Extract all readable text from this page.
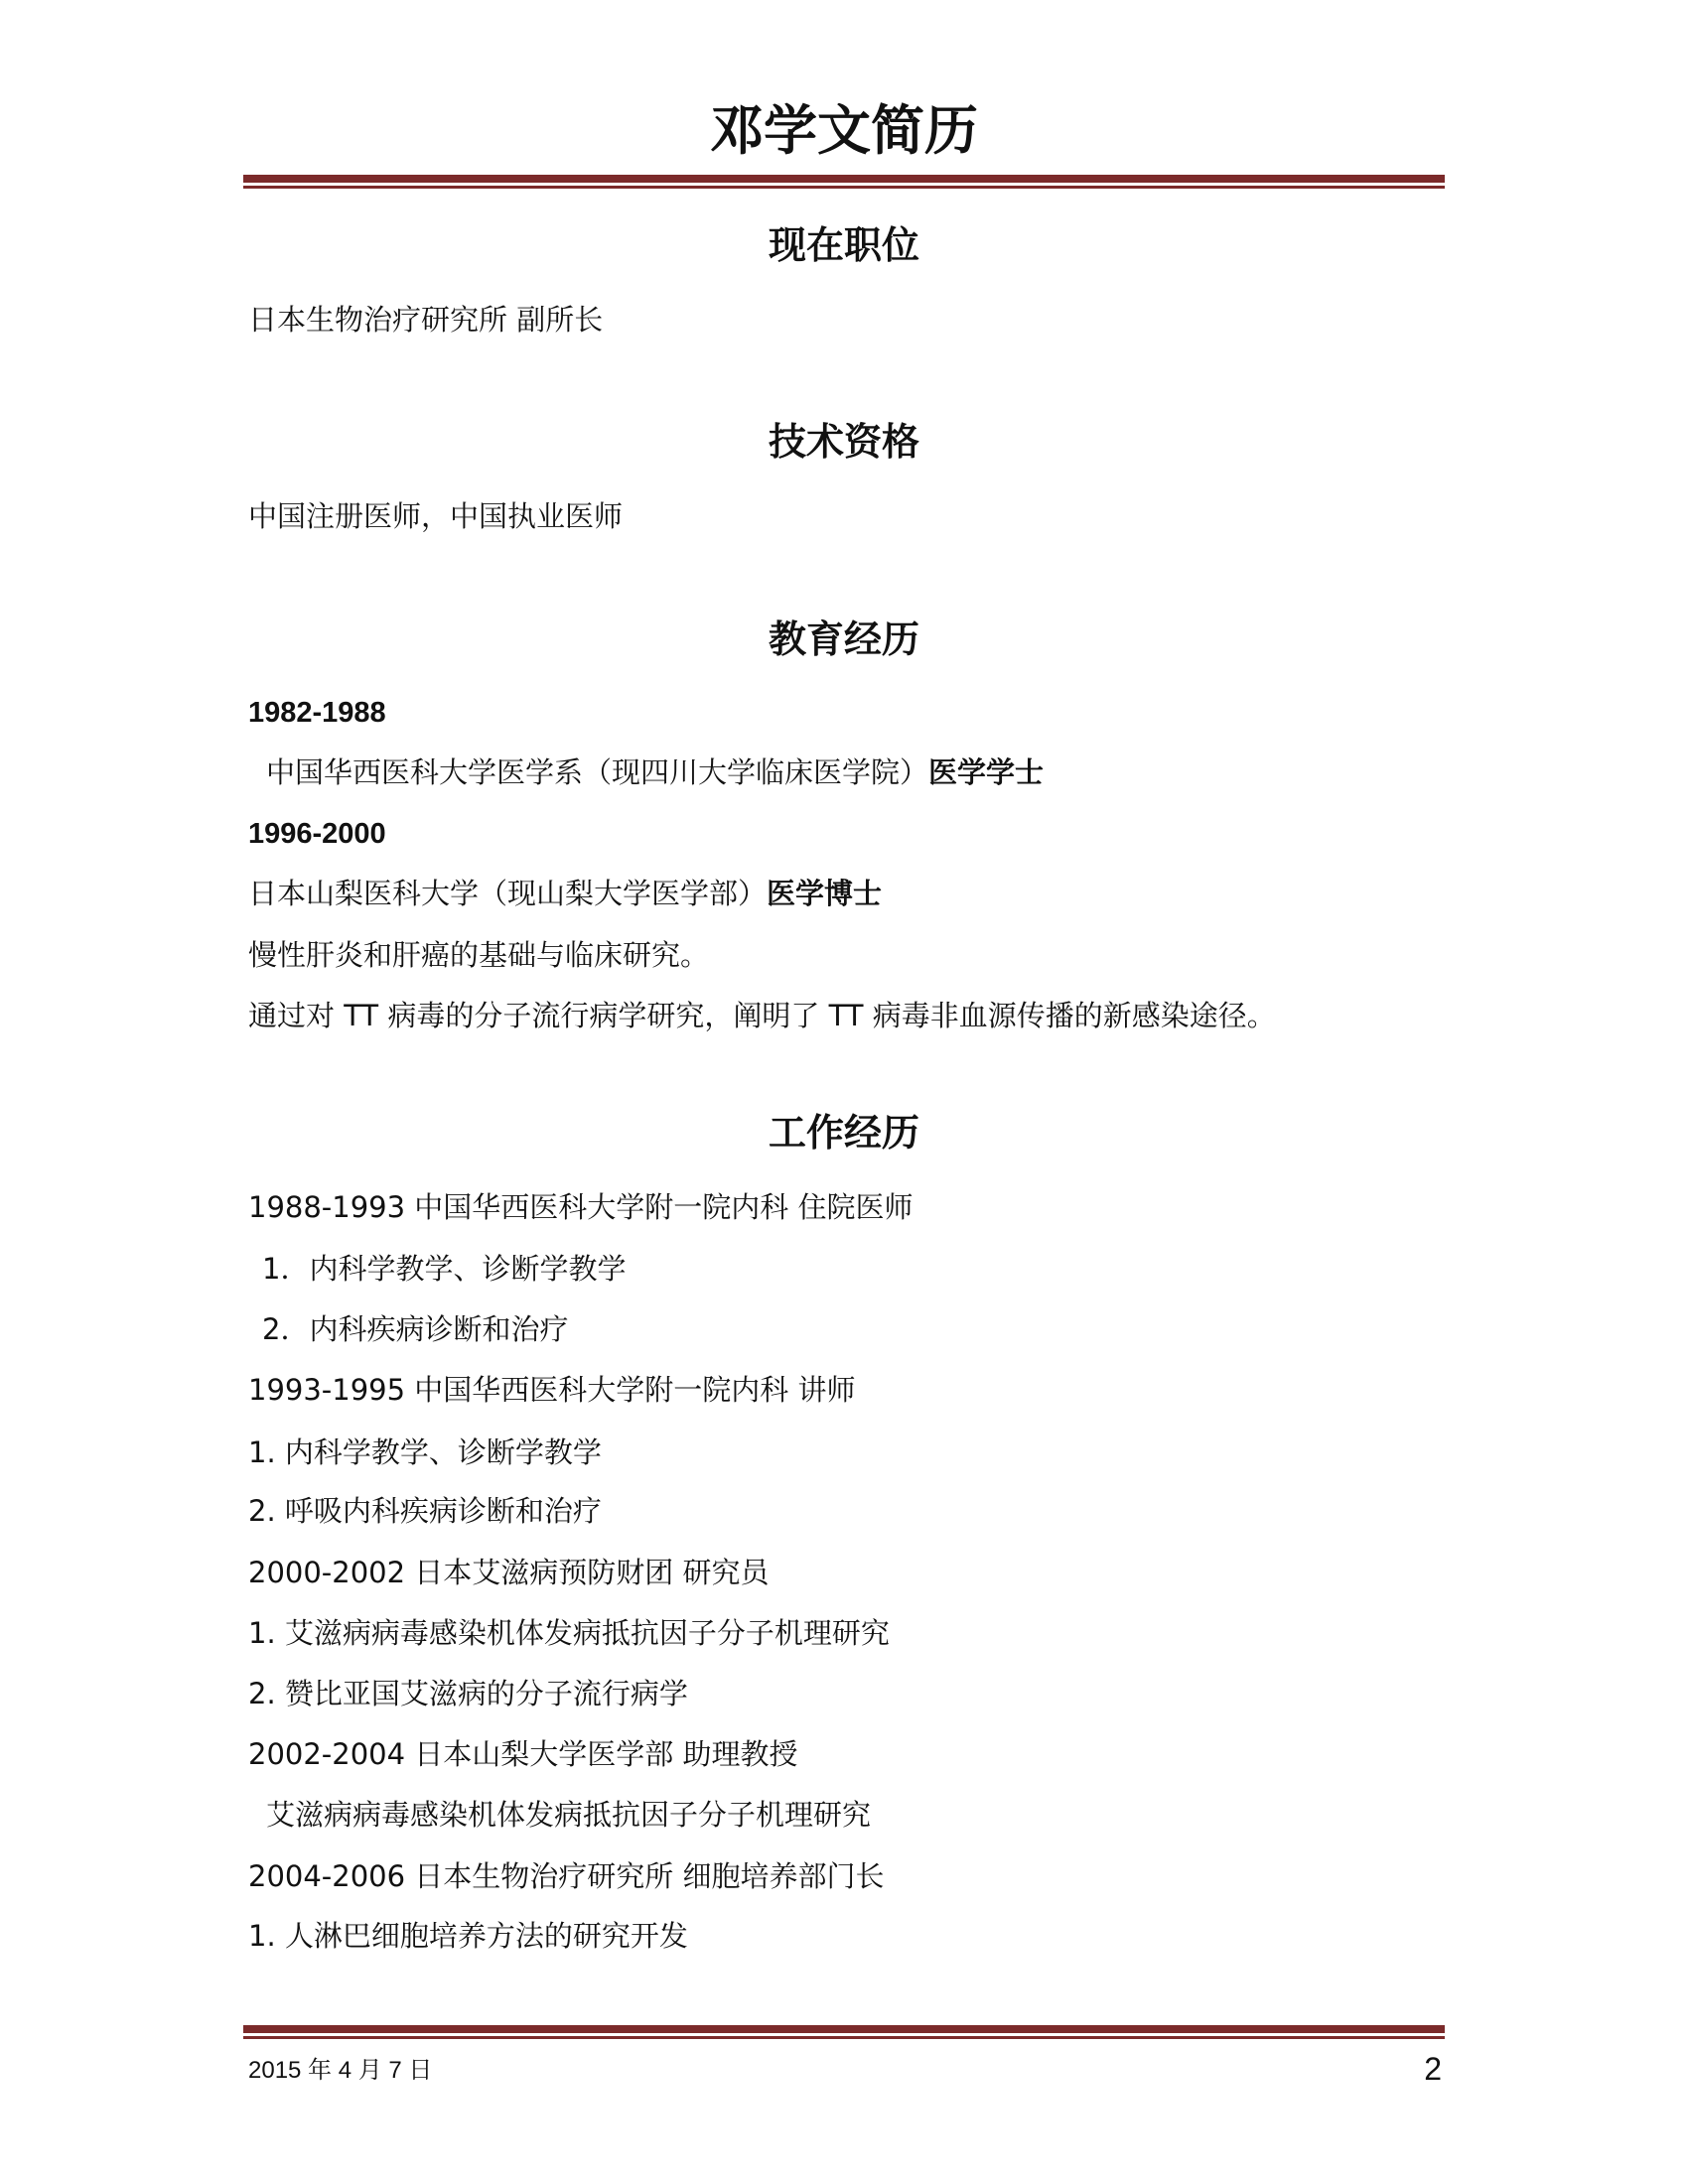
邓学文简历
现在职位
日本生物治疗研究所 副所长
技术资格
中国注册医师，中国执业医师
教育经历
1982-1988
中国华西医科大学医学系（现四川大学临床医学院）医学学士
1996-2000
日本山梨医科大学（现山梨大学医学部）医学博士
慢性肝炎和肝癌的基础与临床研究。
通过对 TT 病毒的分子流行病学研究，阐明了 TT 病毒非血源传播的新感染途径。
工作经历
1988-1993 中国华西医科大学附一院内科 住院医师
1．内科学教学、诊断学教学
2．内科疾病诊断和治疗
1993-1995 中国华西医科大学附一院内科 讲师
1. 内科学教学、诊断学教学
2. 呼吸内科疾病诊断和治疗
2000-2002 日本艾滋病预防财团 研究员
1. 艾滋病病毒感染机体发病抵抗因子分子机理研究
2. 赞比亚国艾滋病的分子流行病学
2002-2004 日本山梨大学医学部 助理教授
艾滋病病毒感染机体发病抵抗因子分子机理研究
2004-2006 日本生物治疗研究所 细胞培养部门长
1. 人淋巴细胞培养方法的研究开发
2015 年 4 月 7 日	2
